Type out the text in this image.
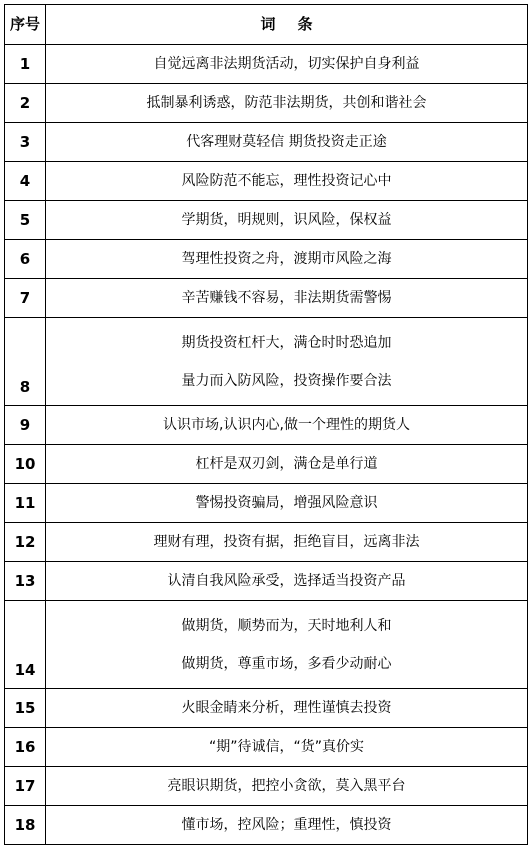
序号	词条
1	自觉远离非法期货活动，切实保护自身利益
2	抵制暴利诱惑，防范非法期货，共创和谐社会
3	代客理财莫轻信 期货投资走正途
4	风险防范不能忘，理性投资记心中
5	学期货，明规则，识风险，保权益
6	驾理性投资之舟，渡期市风险之海
7	辛苦赚钱不容易，非法期货需警惕
8	期货投资杠杆大，满仓时时恐追加
量力而入防风险，投资操作要合法

9	认识市场,认识内心,做一个理性的期货人
10	杠杆是双刃剑，满仓是单行道
11	警惕投资骗局，增强风险意识
12	理财有理，投资有据，拒绝盲目，远离非法
13	认清自我风险承受，选择适当投资产品
14	做期货，顺势而为，天时地利人和
做期货，尊重市场，多看少动耐心

15	火眼金睛来分析，理性谨慎去投资
16	“期”待诚信，“货”真价实
17	亮眼识期货，把控小贪欲，莫入黑平台
18	懂市场，控风险；重理性，慎投资
